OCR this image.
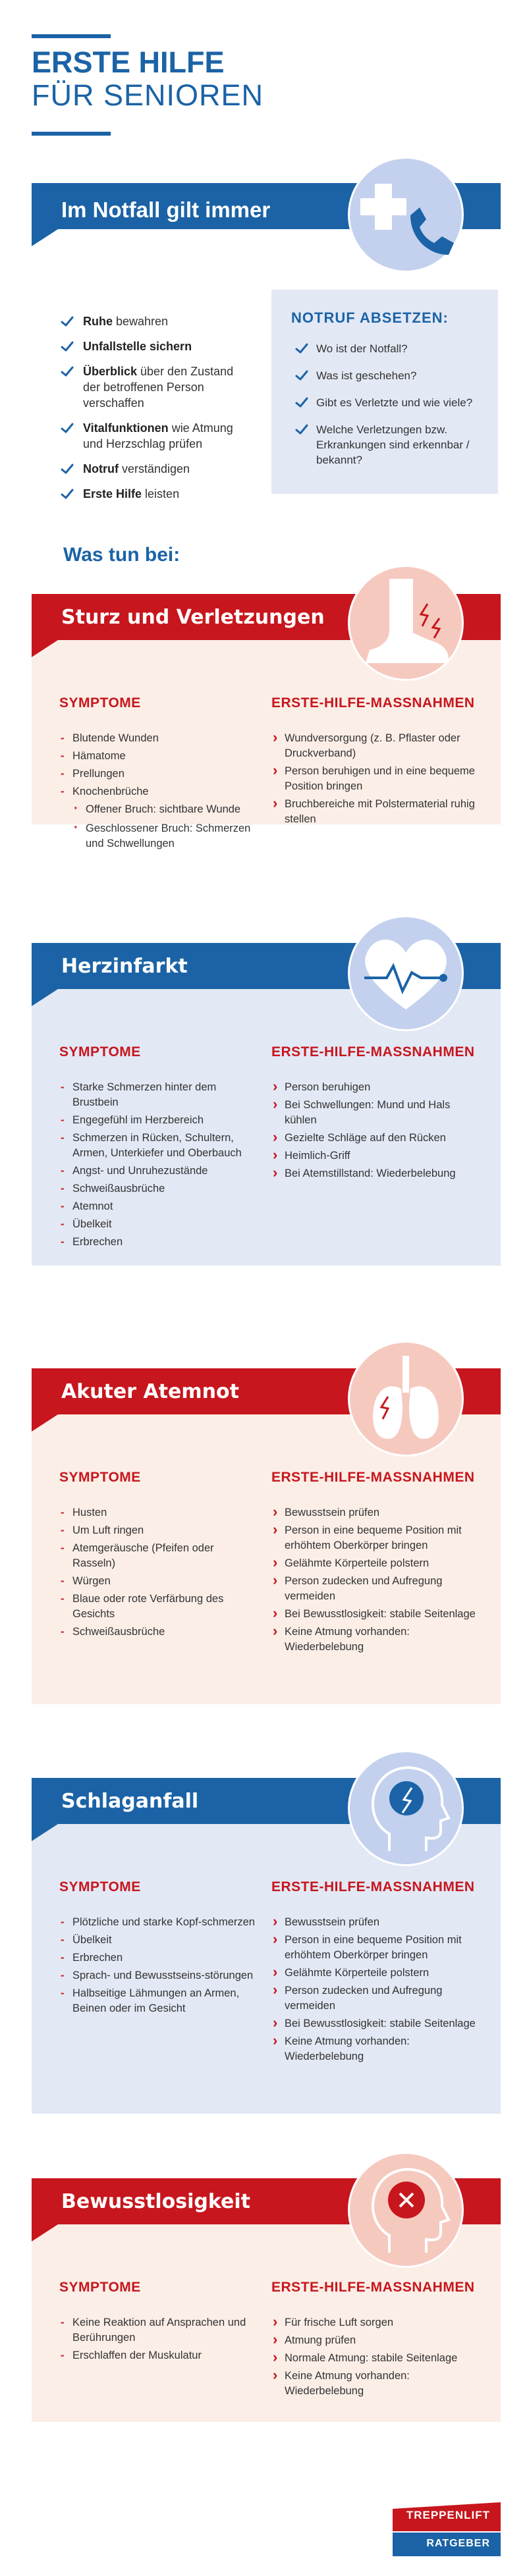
ERSTE HILFE
FÜR SENIOREN
Im Notfall gilt immer
Ruhe bewahren
Unfallstelle sichern
Überblick über den Zustand der betroffenen Person verschaffen
Vitalfunktionen wie Atmung und Herzschlag prüfen
Notruf verständigen
Erste Hilfe leisten
NOTRUF ABSETZEN:
Wo ist der Notfall?
Was ist geschehen?
Gibt es Verletzte und wie viele?
Welche Verletzungen bzw. Erkrankungen sind erkennbar / bekannt?
Was tun bei:
SYMPTOME
- Blutende Wunden
- Hämatome
- Prellungen
- Knochenbrüche
· Offener Bruch: sichtbare Wunde
· Geschlossener Bruch: Schmerzen und Schwellungen
ERSTE-HILFE-MASSNAHMEN
› Wundversorgung (z. B. Pflaster oder Druckverband)
› Person beruhigen und in eine bequeme Position bringen
› Bruchbereiche mit Polstermaterial ruhig stellen
Sturz und Verletzungen
SYMPTOME
- Starke Schmerzen hinter dem Brustbein
- Engegefühl im Herzbereich
- Schmerzen in Rücken, Schultern, Armen, Unterkiefer und Oberbauch
- Angst- und Unruhezustände
- Schweißausbrüche
- Atemnot
- Übelkeit
- Erbrechen
ERSTE-HILFE-MASSNAHMEN
› Person beruhigen
› Bei Schwellungen: Mund und Hals kühlen
› Gezielte Schläge auf den Rücken
› Heimlich-Griff
› Bei Atemstillstand: Wiederbelebung
Herzinfarkt
SYMPTOME
- Husten
- Um Luft ringen
- Atemgeräusche (Pfeifen oder Rasseln)
- Würgen
- Blaue oder rote Verfärbung des Gesichts
- Schweißausbrüche
ERSTE-HILFE-MASSNAHMEN
› Bewusstsein prüfen
› Person in eine bequeme Position mit erhöhtem Oberkörper bringen
› Gelähmte Körperteile polstern
› Person zudecken und Aufregung vermeiden
› Bei Bewusstlosigkeit: stabile Seitenlage
› Keine Atmung vorhanden: Wiederbelebung
Akuter Atemnot
SYMPTOME
- Plötzliche und starke Kopf-schmerzen
- Übelkeit
- Erbrechen
- Sprach- und Bewusstseins-störungen
- Halbseitige Lähmungen an Armen, Beinen oder im Gesicht
ERSTE-HILFE-MASSNAHMEN
› Bewusstsein prüfen
› Person in eine bequeme Position mit erhöhtem Oberkörper bringen
› Gelähmte Körperteile polstern
› Person zudecken und Aufregung vermeiden
› Bei Bewusstlosigkeit: stabile Seitenlage
› Keine Atmung vorhanden: Wiederbelebung
Schlaganfall
SYMPTOME
- Keine Reaktion auf Ansprachen und Berührungen
- Erschlaffen der Muskulatur
ERSTE-HILFE-MASSNAHMEN
› Für frische Luft sorgen
› Atmung prüfen
› Normale Atmung: stabile Seitenlage
› Keine Atmung vorhanden: Wiederbelebung
Bewusstlosigkeit
TREPPENLIFT
RATGEBER
